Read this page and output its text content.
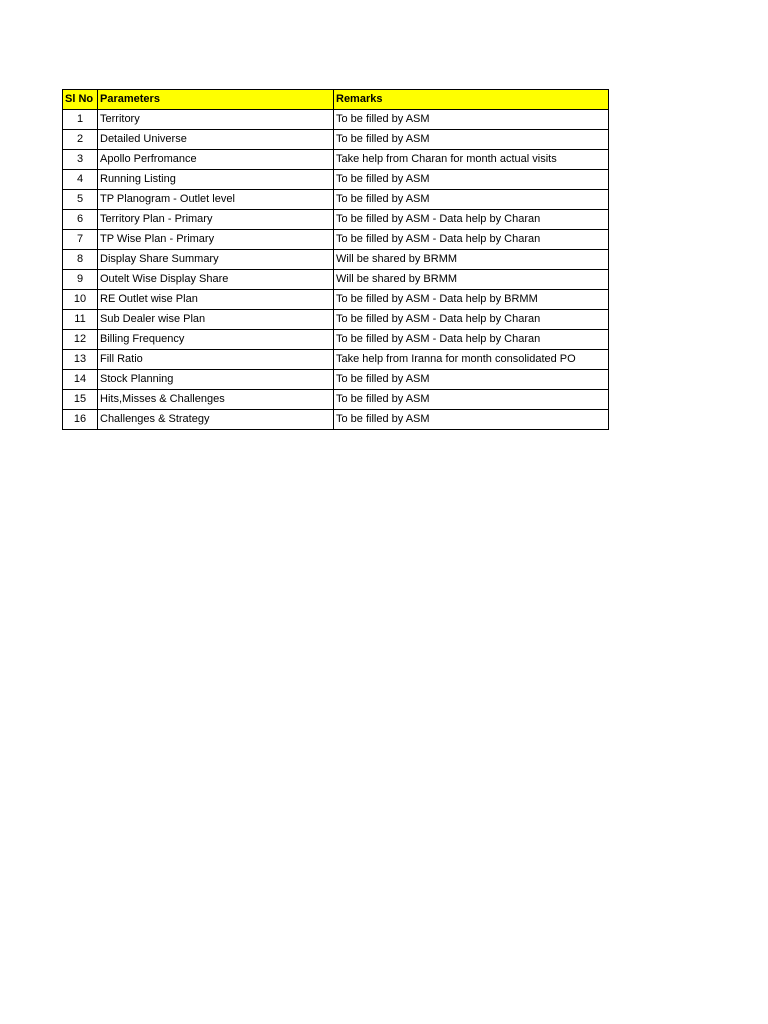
Sl No	Parameters	Remarks
1	Territory	To be filled by ASM
2	Detailed Universe	To be filled by ASM
3	Apollo Perfromance	Take help from Charan for month actual visits
4	Running Listing	To be filled by ASM
5	TP Planogram - Outlet level	To be filled by ASM
6	Territory Plan - Primary	To be filled by ASM - Data help by Charan
7	TP Wise Plan - Primary	To be filled by ASM - Data help by Charan
8	Display Share Summary	Will be shared by BRMM
9	Outelt Wise Display Share	Will be shared by BRMM
10	RE Outlet wise Plan	To be filled by ASM - Data help by BRMM
11	Sub Dealer wise Plan	To be filled by ASM - Data help by Charan
12	Billing Frequency	To be filled by ASM - Data help by Charan
13	Fill Ratio	Take help from Iranna for month consolidated PO
14	Stock Planning	To be filled by ASM
15	Hits,Misses & Challenges	To be filled by ASM
16	Challenges & Strategy	To be filled by ASM
